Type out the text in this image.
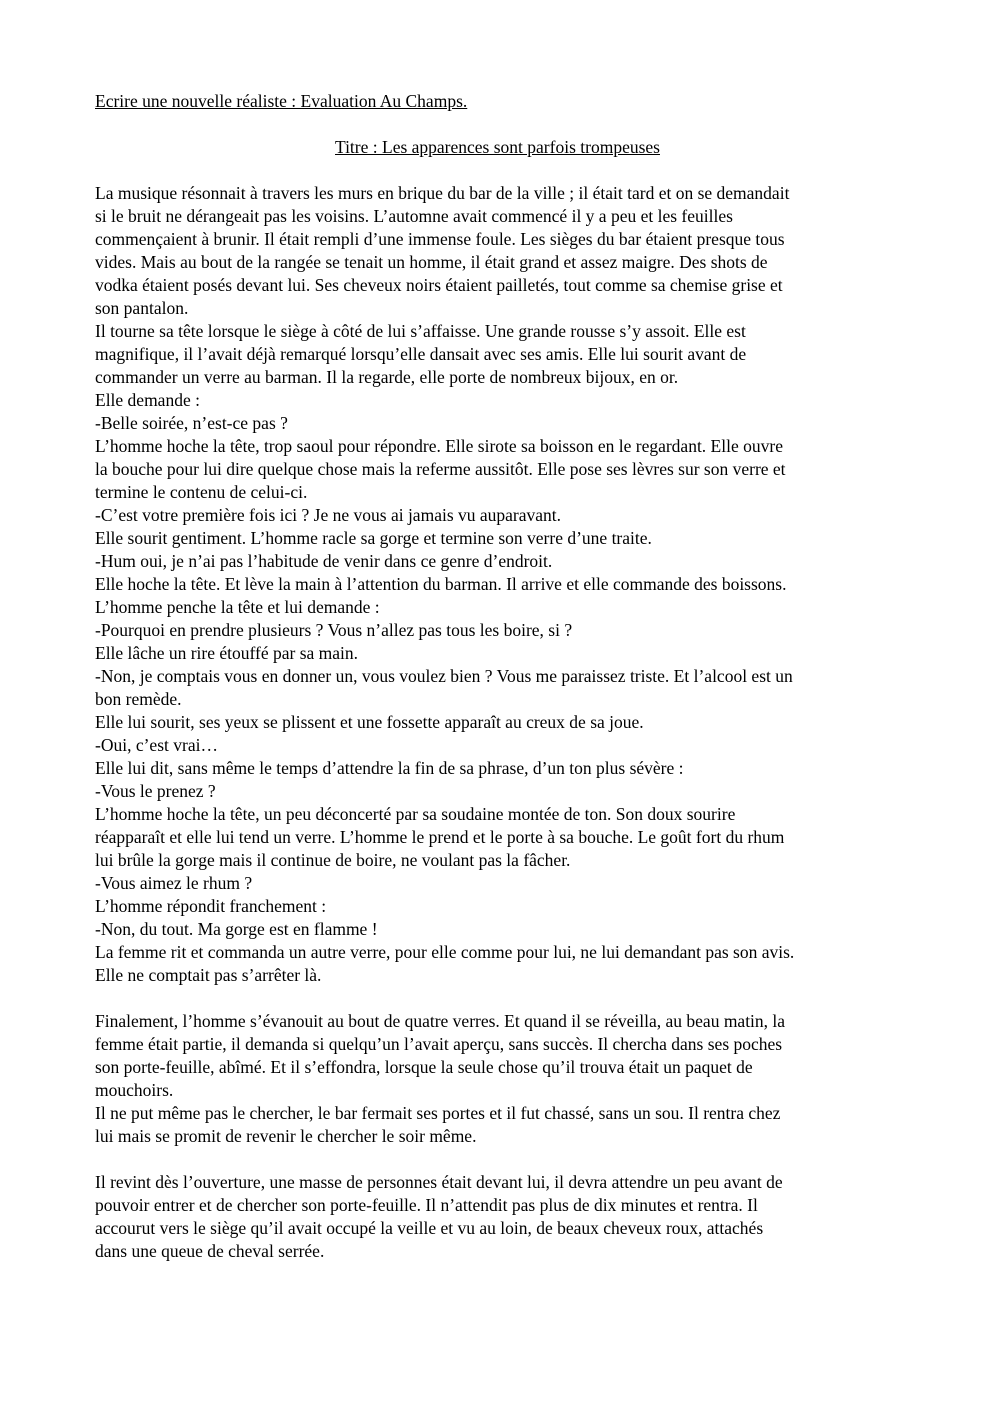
Ecrire une nouvelle réaliste : Evaluation Au Champs.

Titre : Les apparences sont parfois trompeuses

La musique résonnait à travers les murs en brique du bar de la ville ; il était tard et on se demandait

si le bruit ne dérangeait pas les voisins. L’automne avait commencé il y a peu et les feuilles

commençaient à brunir. Il était rempli d’une immense foule. Les sièges du bar étaient presque tous

vides. Mais au bout de la rangée se tenait un homme, il était grand et assez maigre. Des shots de

vodka étaient posés devant lui. Ses cheveux noirs étaient pailletés, tout comme sa chemise grise et

son pantalon.

Il tourne sa tête lorsque le siège à côté de lui s’affaisse. Une grande rousse s’y assoit. Elle est

magnifique, il l’avait déjà remarqué lorsqu’elle dansait avec ses amis. Elle lui sourit avant de

commander un verre au barman. Il la regarde, elle porte de nombreux bijoux, en or.

Elle demande :

-Belle soirée, n’est-ce pas ?

L’homme hoche la tête, trop saoul pour répondre. Elle sirote sa boisson en le regardant. Elle ouvre

la bouche pour lui dire quelque chose mais la referme aussitôt. Elle pose ses lèvres sur son verre et

termine le contenu de celui-ci.

-C’est votre première fois ici ? Je ne vous ai jamais vu auparavant.

Elle sourit gentiment. L’homme racle sa gorge et termine son verre d’une traite.

-Hum oui, je n’ai pas l’habitude de venir dans ce genre d’endroit.

Elle hoche la tête. Et lève la main à l’attention du barman. Il arrive et elle commande des boissons.

L’homme penche la tête et lui demande :

-Pourquoi en prendre plusieurs ? Vous n’allez pas tous les boire, si ?

Elle lâche un rire étouffé par sa main.

-Non, je comptais vous en donner un, vous voulez bien ? Vous me paraissez triste. Et l’alcool est un

bon remède.

Elle lui sourit, ses yeux se plissent et une fossette apparaît au creux de sa joue.

-Oui, c’est vrai…

Elle lui dit, sans même le temps d’attendre la fin de sa phrase, d’un ton plus sévère :

-Vous le prenez ?

L’homme hoche la tête, un peu déconcerté par sa soudaine montée de ton. Son doux sourire

réapparaît et elle lui tend un verre. L’homme le prend et le porte à sa bouche. Le goût fort du rhum

lui brûle la gorge mais il continue de boire, ne voulant pas la fâcher.

-Vous aimez le rhum ?

L’homme répondit franchement :

-Non, du tout. Ma gorge est en flamme !

La femme rit et commanda un autre verre, pour elle comme pour lui, ne lui demandant pas son avis.

Elle ne comptait pas s’arrêter là.

Finalement, l’homme s’évanouit au bout de quatre verres. Et quand il se réveilla, au beau matin, la

femme était partie, il demanda si quelqu’un l’avait aperçu, sans succès. Il chercha dans ses poches

son porte-feuille, abîmé. Et il s’effondra, lorsque la seule chose qu’il trouva était un paquet de

mouchoirs.

Il ne put même pas le chercher, le bar fermait ses portes et il fut chassé, sans un sou. Il rentra chez

lui mais se promit de revenir le chercher le soir même.

Il revint dès l’ouverture, une masse de personnes était devant lui, il devra attendre un peu avant de

pouvoir entrer et de chercher son porte-feuille. Il n’attendit pas plus de dix minutes et rentra. Il

accourut vers le siège qu’il avait occupé la veille et vu au loin, de beaux cheveux roux, attachés

dans une queue de cheval serrée.
